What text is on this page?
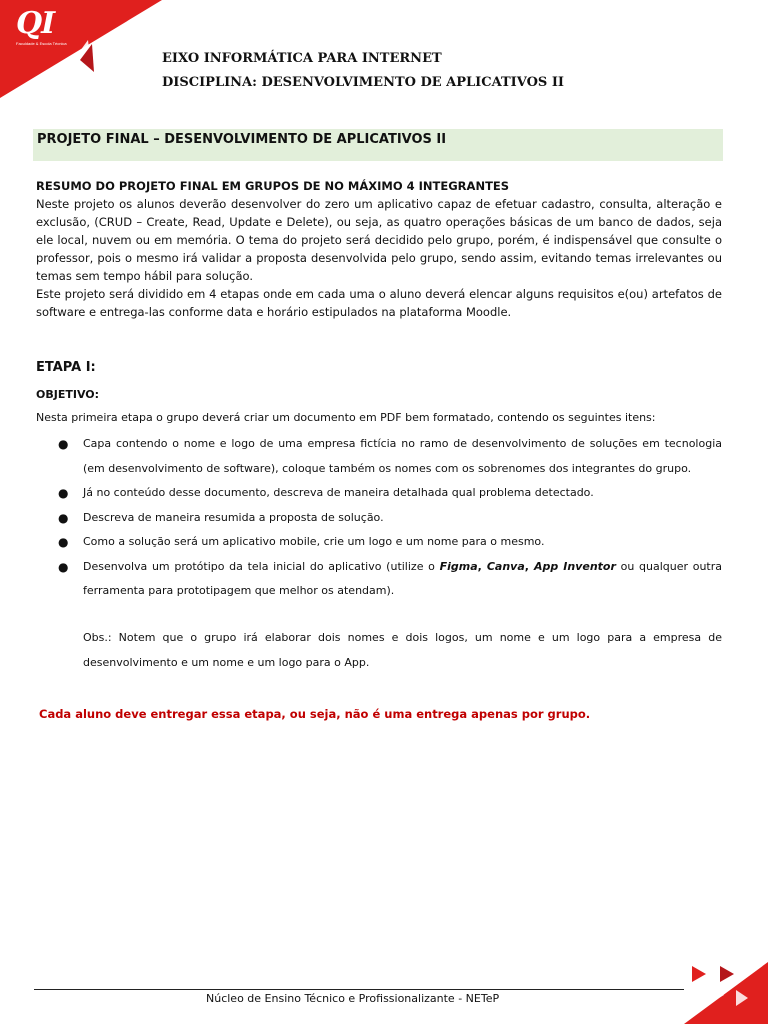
QI
Faculdade & Escola Técnica
Cursos
Técnicos EIXO INFORMÁTICA PARA INTERNET
DISCIPLINA: DESENVOLVIMENTO DE APLICATIVOS II
PROJETO FINAL – DESENVOLVIMENTO DE APLICATIVOS II
RESUMO DO PROJETO FINAL EM GRUPOS DE NO MÁXIMO 4 INTEGRANTES

Neste projeto os alunos deverão desenvolver do zero um aplicativo capaz de efetuar cadastro, consulta, alteração e exclusão, (CRUD – Create, Read, Update e Delete), ou seja, as quatro operações básicas de um banco de dados, seja ele local, nuvem ou em memória. O tema do projeto será decidido pelo grupo, porém, é indispensável que consulte o professor, pois o mesmo irá validar a proposta desenvolvida pelo grupo, sendo assim, evitando temas irrelevantes ou temas sem tempo hábil para solução.

Este projeto será dividido em 4 etapas onde em cada uma o aluno deverá elencar alguns requisitos e(ou) artefatos de software e entrega-las conforme data e horário estipulados na plataforma Moodle.

ETAPA I:
OBJETIVO:
Nesta primeira etapa o grupo deverá criar um documento em PDF bem formatado, contendo os seguintes itens:
● Capa contendo o nome e logo de uma empresa fictícia no ramo de desenvolvimento de soluções em tecnologia (em desenvolvimento de software), coloque também os nomes com os sobrenomes dos integrantes do grupo.
● Já no conteúdo desse documento, descreva de maneira detalhada qual problema detectado.
● Descreva de maneira resumida a proposta de solução.
● Como a solução será um aplicativo mobile, crie um logo e um nome para o mesmo.
● Desenvolva um protótipo da tela inicial do aplicativo (utilize o Figma, Canva, App Inventor ou qualquer outra ferramenta para prototipagem que melhor os atendam).
Obs.: Notem que o grupo irá elaborar dois nomes e dois logos, um nome e um logo para a empresa de desenvolvimento e um nome e um logo para o App.
Cada aluno deve entregar essa etapa, ou seja, não é uma entrega apenas por grupo.
Núcleo de Ensino Técnico e Profissionalizante - NETeP
